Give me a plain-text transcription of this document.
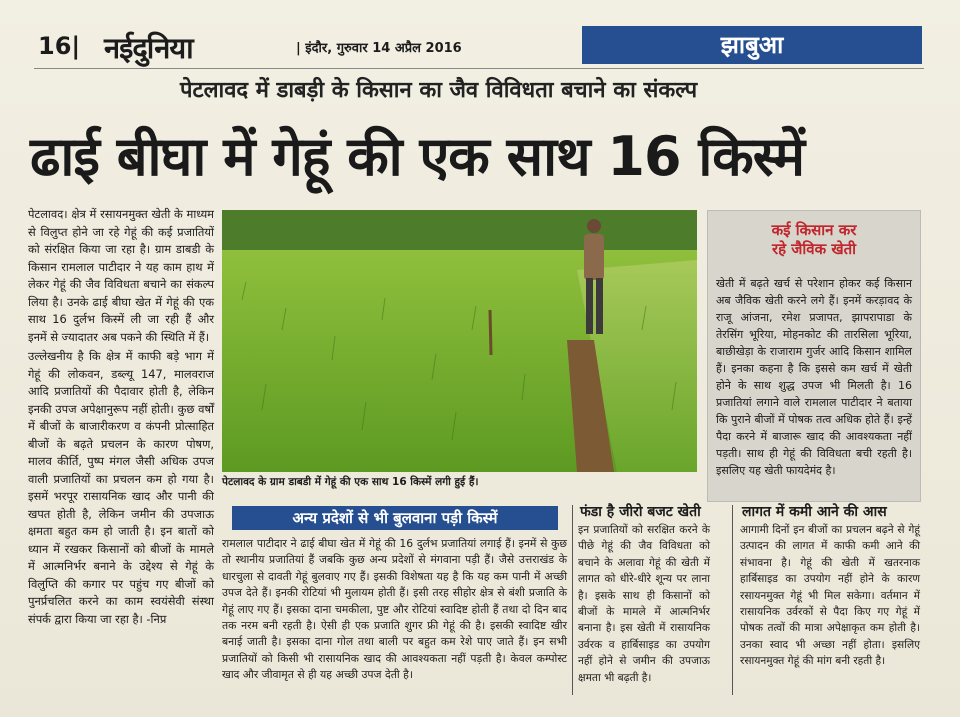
16| नईदुनिया	| इंदौर, गुरुवार 14 अप्रैल 2016	झाबुआ
पेटलावद में डाबड़ी के किसान का जैव विविधता बचाने का संकल्प
ढाई बीघा में गेहूं की एक साथ 16 किस्में

पेटलावद। क्षेत्र में रसायनमुक्त खेती के माध्यम से विलुप्त होने जा रहे गेहूं की कई प्रजातियों को संरक्षित किया जा रहा है। ग्राम डाबडी के किसान रामलाल पाटीदार ने यह काम हाथ में लेकर गेहूं की जैव विविधता बचाने का संकल्प लिया है। उनके ढाई बीघा खेत में गेहूं की एक साथ 16 दुर्लभ किस्में ली जा रही हैं और इनमें से ज्यादातर अब पकने की स्थिति में हैं।

उल्लेखनीय है कि क्षेत्र में काफी बड़े भाग में गेहूं की लोकवन, डब्ल्यू 147, मालवराज आदि प्रजातियों की पैदावार होती है, लेकिन इनकी उपज अपेक्षानुरूप नहीं होती। कुछ वर्षों में बीजों के बाजारीकरण व कंपनी प्रोत्साहित बीजों के बढ़ते प्रचलन के कारण पोषण, मालव कीर्ति, पुष्प मंगल जैसी अधिक उपज वाली प्रजातियों का प्रचलन कम हो गया है। इसमें भरपूर रासायनिक खाद और पानी की खपत होती है, लेकिन जमीन की उपजाऊ क्षमता बहुत कम हो जाती है। इन बातों को ध्यान में रखकर किसानों को बीजों के मामले में आत्मनिर्भर बनाने के उद्देश्य से गेहूं के विलुप्ति की कगार पर पहुंच गए बीजों को पुनर्प्रचलित करने का काम स्वयंसेवी संस्था संपर्क द्वारा किया जा रहा है। -निप्र

पेटलावद के ग्राम डाबडी में गेहूं की एक साथ 16 किस्में लगी हुई हैं।
कई किसान कर
रहे जैविक खेती
खेती में बढ़ते खर्च से परेशान होकर कई किसान अब जैविक खेती करने लगे हैं। इनमें करड़ावद के राजू आंजना, रमेश प्रजापत, झापरापाडा के तेरसिंग भूरिया, मोहनकोट की तारसिला भूरिया, बाछीखेड़ा के राजाराम गुर्जर आदि किसान शामिल हैं। इनका कहना है कि इससे कम खर्च में खेती होने के साथ शुद्ध उपज भी मिलती है। 16 प्रजातियां लगाने वाले रामलाल पाटीदार ने बताया कि पुराने बीजों में पोषक तत्व अधिक होते हैं। इन्हें पैदा करने में बाजारू खाद की आवश्यकता नहीं पड़ती। साथ ही गेहूं की विविधता बची रहती है। इसलिए यह खेती फायदेमंद है।
अन्य प्रदेशों से भी बुलवाना पड़ी किस्में
रामलाल पाटीदार ने ढाई बीघा खेत में गेहूं की 16 दुर्लभ प्रजातियां लगाई हैं। इनमें से कुछ तो स्थानीय प्रजातियां हैं जबकि कुछ अन्य प्रदेशों से मंगवाना पड़ी हैं। जैसे उत्तराखंड के धारचुला से दावती गेहूं बुलवाए गए हैं। इसकी विशेषता यह है कि यह कम पानी में अच्छी उपज देते हैं। इनकी रोटियां भी मुलायम होती हैं। इसी तरह सीहोर क्षेत्र से बंशी प्रजाति के गेहूं लाए गए हैं। इसका दाना चमकीला, पुष्ट और रोटियां स्वादिष्ट होती हैं तथा दो दिन बाद तक नरम बनी रहती है। ऐसी ही एक प्रजाति शुगर फ्री गेहूं की है। इसकी स्वादिष्ट खीर बनाई जाती है। इसका दाना गोल तथा बाली पर बहुत कम रेशे पाए जाते हैं। इन सभी प्रजातियों को किसी भी रासायनिक खाद की आवश्यकता नहीं पड़ती है। केवल कम्पोस्ट खाद और जीवामृत से ही यह अच्छी उपज देती है।
फंडा है जीरो बजट खेती
इन प्रजातियों को सरक्षित करने के पीछे गेहूं की जैव विविधता को बचाने के अलावा गेहूं की खेती में लागत को धीरे-धीरे शून्य पर लाना है। इसके साथ ही किसानों को बीजों के मामले में आत्मनिर्भर बनाना है। इस खेती में रासायनिक उर्वरक व हार्बिसाइड का उपयोग नहीं होने से जमीन की उपजाऊ क्षमता भी बढ़ती है।
लागत में कमी आने की आस
आगामी दिनों इन बीजों का प्रचलन बढ़ने से गेहूं उत्पादन की लागत में काफी कमी आने की संभावना है। गेहूं की खेती में खतरनाक हार्बिसाइड का उपयोग नहीं होने के कारण रसायनमुक्त गेहूं भी मिल सकेगा। वर्तमान में रासायनिक उर्वरकों से पैदा किए गए गेहूं में पोषक तत्वों की मात्रा अपेक्षाकृत कम होती है। उनका स्वाद भी अच्छा नहीं होता। इसलिए रसायनमुक्त गेहूं की मांग बनी रहती है।
